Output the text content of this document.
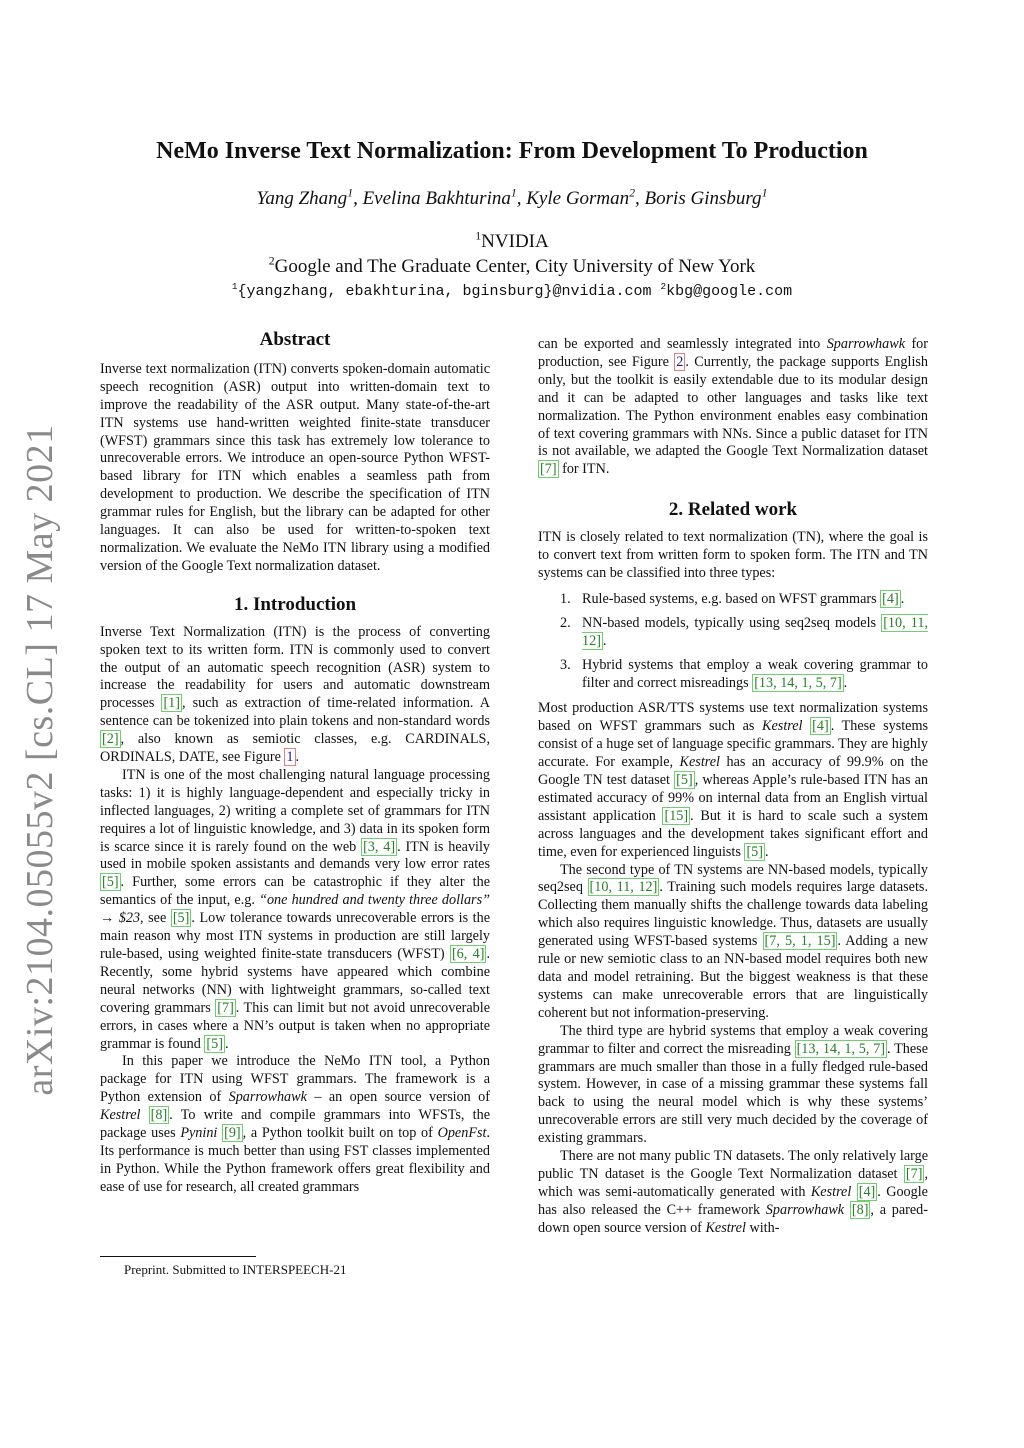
arXiv:2104.05055v2 [cs.CL] 17 May 2021
NeMo Inverse Text Normalization: From Development To Production
Yang Zhang$^1$, Evelina Bakhturina$^1$, Kyle Gorman$^2$, Boris Ginsburg$^1$
$^1$NVIDIA
$^2$Google and The Graduate Center, City University of New York
$^1${yangzhang, ebakhturina, bginsburg}@nvidia.com $^2$kbg@google.com

Abstract

Inverse text normalization (ITN) converts spoken-domain automatic speech recognition (ASR) output into written-domain text to improve the readability of the ASR output. Many state-of-the-art ITN systems use hand-written weighted finite-state transducer (WFST) grammars since this task has extremely low tolerance to unrecoverable errors. We introduce an open-source Python WFST-based library for ITN which enables a seamless path from development to production. We describe the specification of ITN grammar rules for English, but the library can be adapted for other languages. It can also be used for written-to-spoken text normalization. We evaluate the NeMo ITN library using a modified version of the Google Text normalization dataset.

1. Introduction

Inverse Text Normalization (ITN) is the process of converting spoken text to its written form. ITN is commonly used to convert the output of an automatic speech recognition (ASR) system to increase the readability for users and automatic downstream processes [1] , such as extraction of time-related information. A sentence can be tokenized into plain tokens and non-standard words [2] , also known as semiotic classes, e.g. CARDINALS, ORDINALS, DATE, see Figure 1 .

ITN is one of the most challenging natural language processing tasks: 1) it is highly language-dependent and especially tricky in inflected languages, 2) writing a complete set of grammars for ITN requires a lot of linguistic knowledge, and 3) data in its spoken form is scarce since it is rarely found on the web [3, 4] . ITN is heavily used in mobile spoken assistants and demands very low error rates [5] . Further, some errors can be catastrophic if they alter the semantics of the input, e.g. “one hundred and twenty three dollars” → $23, see [5] . Low tolerance towards unrecoverable errors is the main reason why most ITN systems in production are still largely rule-based, using weighted finite-state transducers (WFST) [6, 4] . Recently, some hybrid systems have appeared which combine neural networks (NN) with lightweight grammars, so-called text covering grammars [7] . This can limit but not avoid unrecoverable errors, in cases where a NN’s output is taken when no appropriate grammar is found [5] .

In this paper we introduce the NeMo ITN tool, a Python package for ITN using WFST grammars. The framework is a Python extension of Sparrowhawk – an open source version of Kestrel [8] . To write and compile grammars into WFSTs, the package uses Pynini [9] , a Python toolkit built on top of OpenFst. Its performance is much better than using FST classes implemented in Python. While the Python framework offers great flexibility and ease of use for research, all created grammars

Preprint. Submitted to INTERSPEECH-21

can be exported and seamlessly integrated into Sparrowhawk for production, see Figure 2 . Currently, the package supports English only, but the toolkit is easily extendable due to its modular design and it can be adapted to other languages and tasks like text normalization. The Python environment enables easy combination of text covering grammars with NNs. Since a public dataset for ITN is not available, we adapted the Google Text Normalization dataset [7] for ITN.

2. Related work

ITN is closely related to text normalization (TN), where the goal is to convert text from written form to spoken form. The ITN and TN systems can be classified into three types:

1. Rule-based systems, e.g. based on WFST grammars [4] .
2. NN-based models, typically using seq2seq models [10, 11, 12] .
3. Hybrid systems that employ a weak covering grammar to filter and correct misreadings [13, 14, 1, 5, 7] .

Most production ASR/TTS systems use text normalization systems based on WFST grammars such as Kestrel [4] . These systems consist of a huge set of language specific grammars. They are highly accurate. For example, Kestrel has an accuracy of 99.9% on the Google TN test dataset [5] , whereas Apple’s rule-based ITN has an estimated accuracy of 99% on internal data from an English virtual assistant application [15] . But it is hard to scale such a system across languages and the development takes significant effort and time, even for experienced linguists [5] .

The second type of TN systems are NN-based models, typically seq2seq [10, 11, 12] . Training such models requires large datasets. Collecting them manually shifts the challenge towards data labeling which also requires linguistic knowledge. Thus, datasets are usually generated using WFST-based systems [7, 5, 1, 15] . Adding a new rule or new semiotic class to an NN-based model requires both new data and model retraining. But the biggest weakness is that these systems can make unrecoverable errors that are linguistically coherent but not information-preserving.

The third type are hybrid systems that employ a weak covering grammar to filter and correct the misreading [13, 14, 1, 5, 7] . These grammars are much smaller than those in a fully fledged rule-based system. However, in case of a missing grammar these systems fall back to using the neural model which is why these systems’ unrecoverable errors are still very much decided by the coverage of existing grammars.

There are not many public TN datasets. The only relatively large public TN dataset is the Google Text Normalization dataset [7] , which was semi-automatically generated with Kestrel [4] . Google has also released the C++ framework Sparrowhawk [8] , a pared-down open source version of Kestrel with-
